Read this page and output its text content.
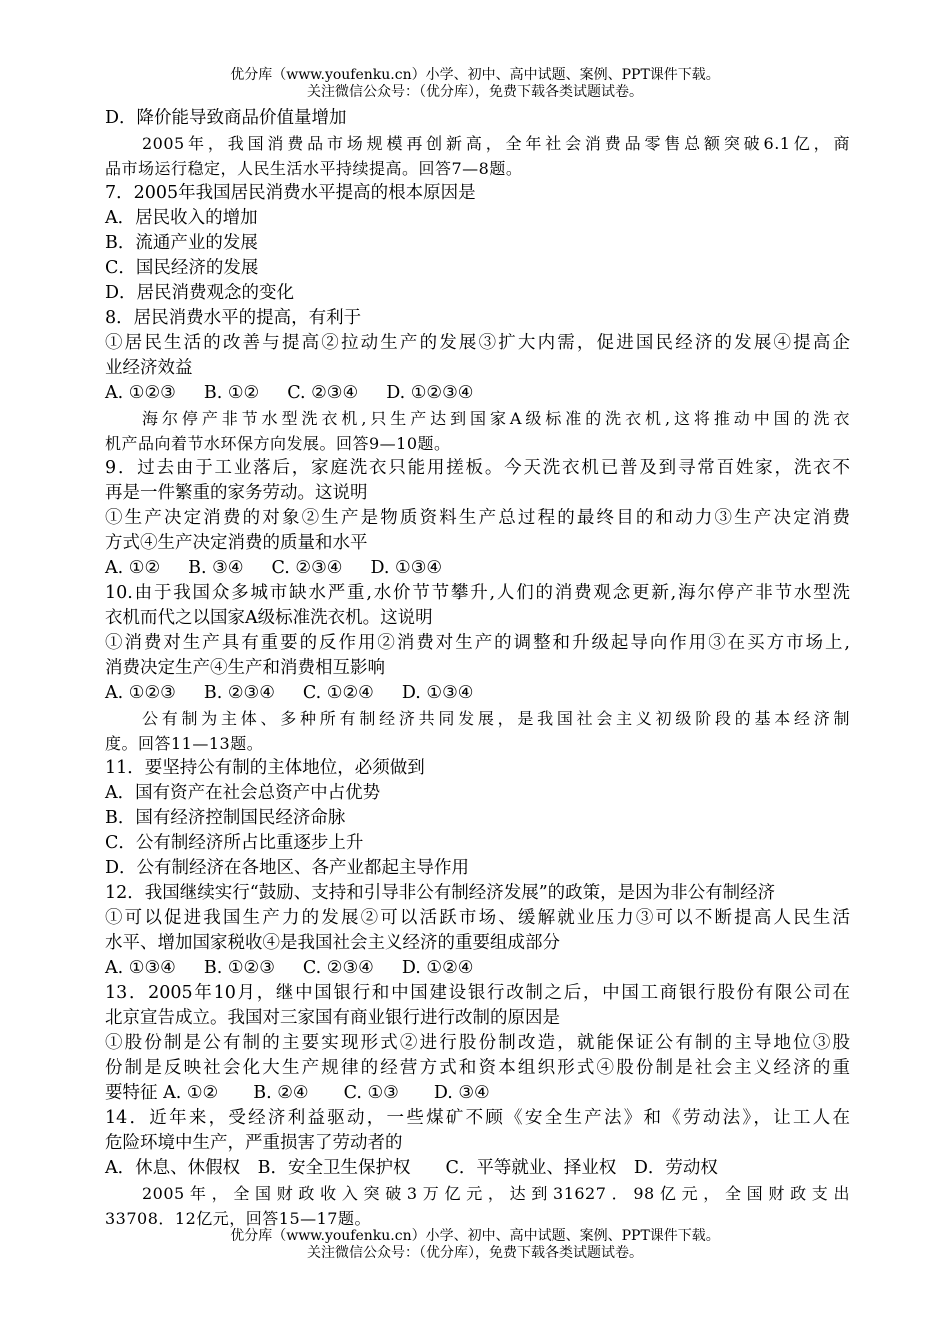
优分库（www.youfenku.cn）小学、初中、高中试题、案例、PPT课件下载。
关注微信公众号：（优分库），免费下载各类试题试卷。
D．降价能导致商品价值量增加
2005年，我国消费品市场规模再创新高，全年社会消费品零售总额突破6.1亿，商
品市场运行稳定，人民生活水平持续提高。回答7—8题。
7．2005年我国居民消费水平提高的根本原因是
A．居民收入的增加
B．流通产业的发展
C．国民经济的发展
D．居民消费观念的变化
8．居民消费水平的提高，有利于
①居民生活的改善与提高②拉动生产的发展③扩大内需，促进国民经济的发展④提高企
业经济效益
A. ①②③ B. ①② C. ②③④ D. ①②③④
海尔停产非节水型洗衣机,只生产达到国家A级标准的洗衣机,这将推动中国的洗衣
机产品向着节水环保方向发展。回答9—10题。
9．过去由于工业落后，家庭洗衣只能用搓板。今天洗衣机已普及到寻常百姓家，洗衣不
再是一件繁重的家务劳动。这说明
①生产决定消费的对象②生产是物质资料生产总过程的最终目的和动力③生产决定消费
方式④生产决定消费的质量和水平
A. ①② B. ③④ C. ②③④ D. ①③④
10.由于我国众多城市缺水严重,水价节节攀升,人们的消费观念更新,海尔停产非节水型洗
衣机而代之以国家A级标准洗衣机。这说明
①消费对生产具有重要的反作用②消费对生产的调整和升级起导向作用③在买方市场上,
消费决定生产④生产和消费相互影响
A. ①②③ B. ②③④ C. ①②④ D. ①③④
公有制为主体、多种所有制经济共同发展，是我国社会主义初级阶段的基本经济制
度。回答11—13题。
11．要坚持公有制的主体地位，必须做到
A．国有资产在社会总资产中占优势
B．国有经济控制国民经济命脉
C．公有制经济所占比重逐步上升
D．公有制经济在各地区、各产业都起主导作用
12．我国继续实行“鼓励、支持和引导非公有制经济发展”的政策，是因为非公有制经济
①可以促进我国生产力的发展②可以活跃市场、缓解就业压力③可以不断提高人民生活
水平、增加国家税收④是我国社会主义经济的重要组成部分
A. ①③④ B. ①②③ C. ②③④ D. ①②④
13．2005年10月，继中国银行和中国建设银行改制之后，中国工商银行股份有限公司在
北京宣告成立。我国对三家国有商业银行进行改制的原因是
①股份制是公有制的主要实现形式②进行股份制改造，就能保证公有制的主导地位③股
份制是反映社会化大生产规律的经营方式和资本组织形式④股份制是社会主义经济的重
要特征 A. ①②　　B. ②④　　C. ①③　　D. ③④
14．近年来，受经济利益驱动，一些煤矿不顾《安全生产法》和《劳动法》，让工人在
危险环境中生产，严重损害了劳动者的
A．休息、休假权　B．安全卫生保护权　　C．平等就业、择业权　D．劳动权
2005年，全国财政收入突破3万亿元，达到31627．98亿元，全国财政支出
33708．12亿元，回答15—17题。
优分库（www.youfenku.cn）小学、初中、高中试题、案例、PPT课件下载。
关注微信公众号：（优分库），免费下载各类试题试卷。
